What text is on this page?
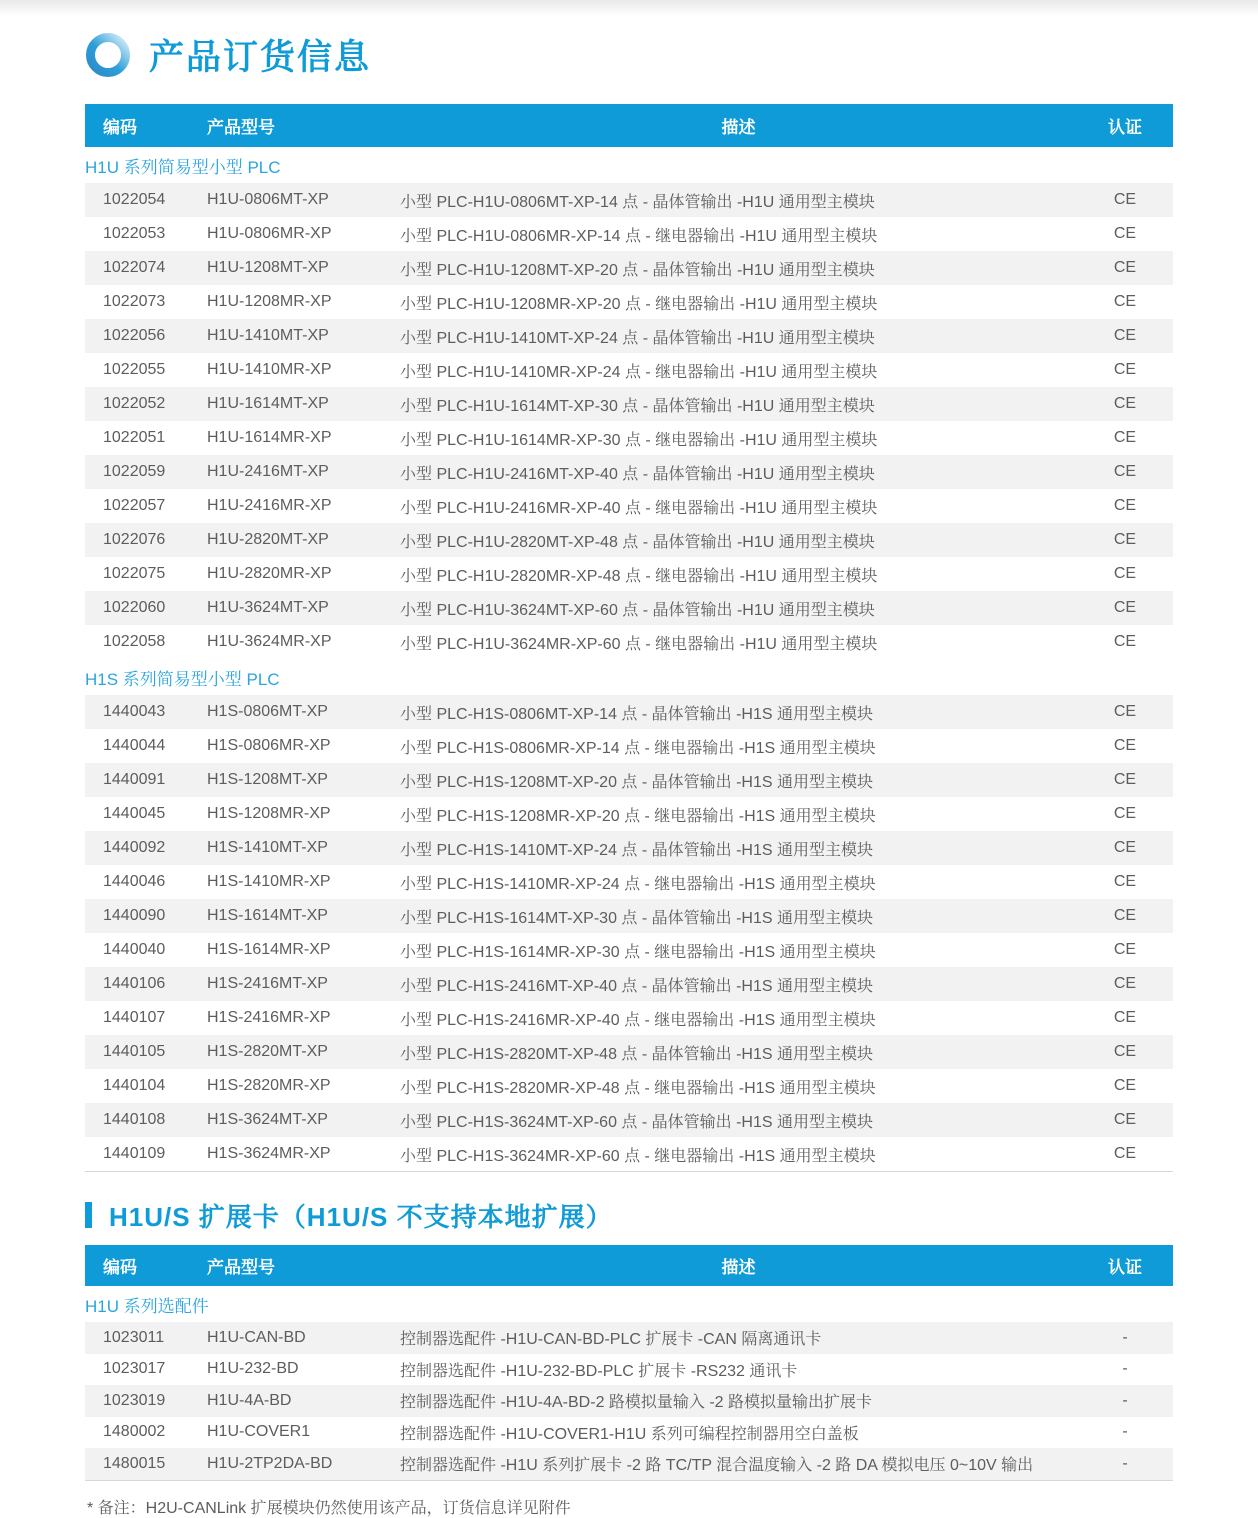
产品订货信息
编码	产品型号	描述	认证
H1U 系列简易型小型 PLC
1022054	H1U-0806MT-XP	小型 PLC-H1U-0806MT-XP-14 点 - 晶体管输出 -H1U 通用型主模块	CE
1022053	H1U-0806MR-XP	小型 PLC-H1U-0806MR-XP-14 点 - 继电器输出 -H1U 通用型主模块	CE
1022074	H1U-1208MT-XP	小型 PLC-H1U-1208MT-XP-20 点 - 晶体管输出 -H1U 通用型主模块	CE
1022073	H1U-1208MR-XP	小型 PLC-H1U-1208MR-XP-20 点 - 继电器输出 -H1U 通用型主模块	CE
1022056	H1U-1410MT-XP	小型 PLC-H1U-1410MT-XP-24 点 - 晶体管输出 -H1U 通用型主模块	CE
1022055	H1U-1410MR-XP	小型 PLC-H1U-1410MR-XP-24 点 - 继电器输出 -H1U 通用型主模块	CE
1022052	H1U-1614MT-XP	小型 PLC-H1U-1614MT-XP-30 点 - 晶体管输出 -H1U 通用型主模块	CE
1022051	H1U-1614MR-XP	小型 PLC-H1U-1614MR-XP-30 点 - 继电器输出 -H1U 通用型主模块	CE
1022059	H1U-2416MT-XP	小型 PLC-H1U-2416MT-XP-40 点 - 晶体管输出 -H1U 通用型主模块	CE
1022057	H1U-2416MR-XP	小型 PLC-H1U-2416MR-XP-40 点 - 继电器输出 -H1U 通用型主模块	CE
1022076	H1U-2820MT-XP	小型 PLC-H1U-2820MT-XP-48 点 - 晶体管输出 -H1U 通用型主模块	CE
1022075	H1U-2820MR-XP	小型 PLC-H1U-2820MR-XP-48 点 - 继电器输出 -H1U 通用型主模块	CE
1022060	H1U-3624MT-XP	小型 PLC-H1U-3624MT-XP-60 点 - 晶体管输出 -H1U 通用型主模块	CE
1022058	H1U-3624MR-XP	小型 PLC-H1U-3624MR-XP-60 点 - 继电器输出 -H1U 通用型主模块	CE
H1S 系列简易型小型 PLC
1440043	H1S-0806MT-XP	小型 PLC-H1S-0806MT-XP-14 点 - 晶体管输出 -H1S 通用型主模块	CE
1440044	H1S-0806MR-XP	小型 PLC-H1S-0806MR-XP-14 点 - 继电器输出 -H1S 通用型主模块	CE
1440091	H1S-1208MT-XP	小型 PLC-H1S-1208MT-XP-20 点 - 晶体管输出 -H1S 通用型主模块	CE
1440045	H1S-1208MR-XP	小型 PLC-H1S-1208MR-XP-20 点 - 继电器输出 -H1S 通用型主模块	CE
1440092	H1S-1410MT-XP	小型 PLC-H1S-1410MT-XP-24 点 - 晶体管输出 -H1S 通用型主模块	CE
1440046	H1S-1410MR-XP	小型 PLC-H1S-1410MR-XP-24 点 - 继电器输出 -H1S 通用型主模块	CE
1440090	H1S-1614MT-XP	小型 PLC-H1S-1614MT-XP-30 点 - 晶体管输出 -H1S 通用型主模块	CE
1440040	H1S-1614MR-XP	小型 PLC-H1S-1614MR-XP-30 点 - 继电器输出 -H1S 通用型主模块	CE
1440106	H1S-2416MT-XP	小型 PLC-H1S-2416MT-XP-40 点 - 晶体管输出 -H1S 通用型主模块	CE
1440107	H1S-2416MR-XP	小型 PLC-H1S-2416MR-XP-40 点 - 继电器输出 -H1S 通用型主模块	CE
1440105	H1S-2820MT-XP	小型 PLC-H1S-2820MT-XP-48 点 - 晶体管输出 -H1S 通用型主模块	CE
1440104	H1S-2820MR-XP	小型 PLC-H1S-2820MR-XP-48 点 - 继电器输出 -H1S 通用型主模块	CE
1440108	H1S-3624MT-XP	小型 PLC-H1S-3624MT-XP-60 点 - 晶体管输出 -H1S 通用型主模块	CE
1440109	H1S-3624MR-XP	小型 PLC-H1S-3624MR-XP-60 点 - 继电器输出 -H1S 通用型主模块	CE
H1U/S 扩展卡（H1U/S 不支持本地扩展）
编码	产品型号	描述	认证
H1U 系列选配件
1023011	H1U-CAN-BD	控制器选配件 -H1U-CAN-BD-PLC 扩展卡 -CAN 隔离通讯卡	-
1023017	H1U-232-BD	控制器选配件 -H1U-232-BD-PLC 扩展卡 -RS232 通讯卡	-
1023019	H1U-4A-BD	控制器选配件 -H1U-4A-BD-2 路模拟量输入 -2 路模拟量输出扩展卡	-
1480002	H1U-COVER1	控制器选配件 -H1U-COVER1-H1U 系列可编程控制器用空白盖板	-
1480015	H1U-2TP2DA-BD	控制器选配件 -H1U 系列扩展卡 -2 路 TC/TP 混合温度输入 -2 路 DA 模拟电压 0~10V 输出	-

* 备注：H2U-CANLink 扩展模块仍然使用该产品，订货信息详见附件
